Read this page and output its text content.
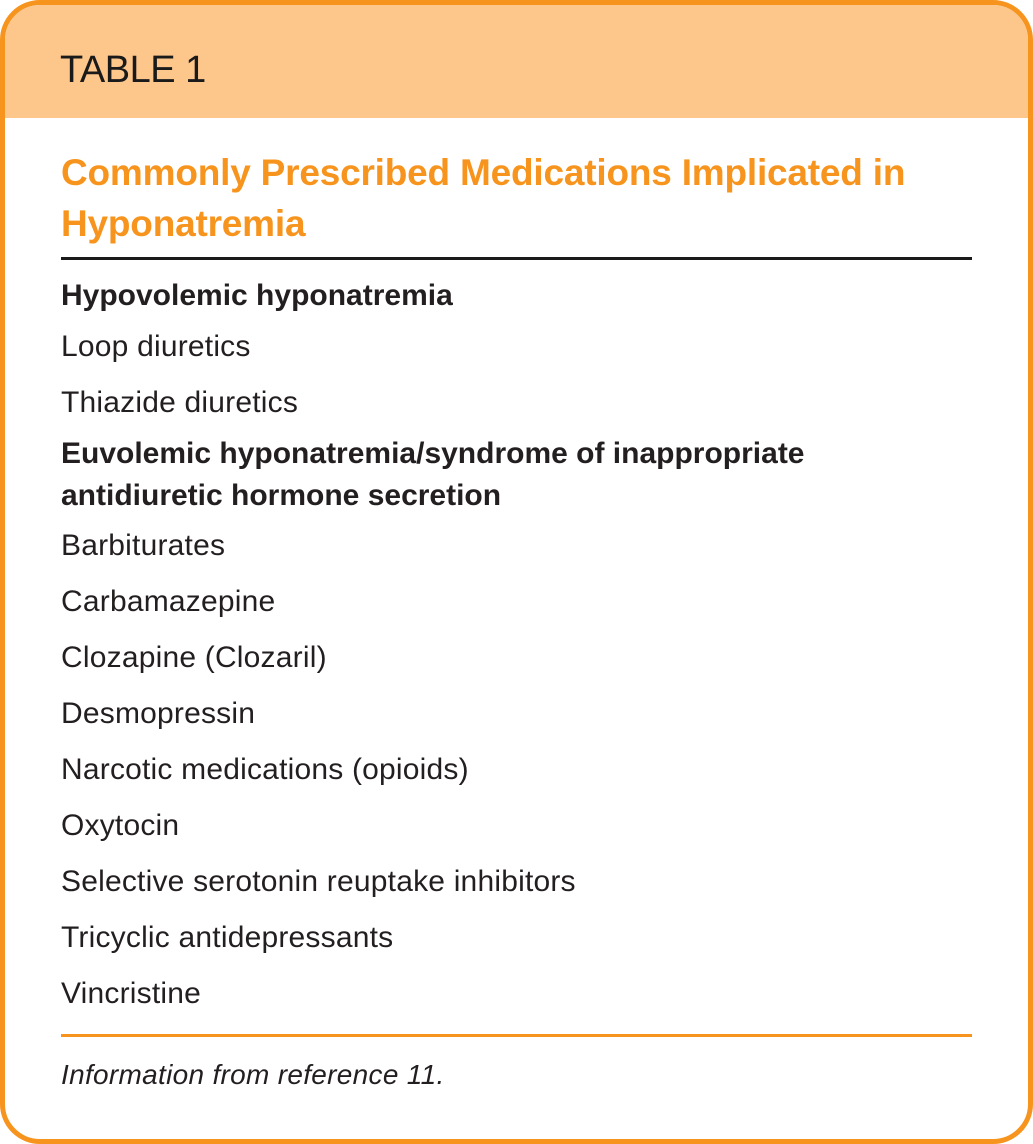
TABLE 1
Commonly Prescribed Medications Implicated in Hyponatremia
Hypovolemic hyponatremia
Loop diuretics
Thiazide diuretics
Euvolemic hyponatremia/syndrome of inappropriate antidiuretic hormone secretion
Barbiturates
Carbamazepine
Clozapine (Clozaril)
Desmopressin
Narcotic medications (opioids)
Oxytocin
Selective serotonin reuptake inhibitors
Tricyclic antidepressants
Vincristine
Information from reference 11.
